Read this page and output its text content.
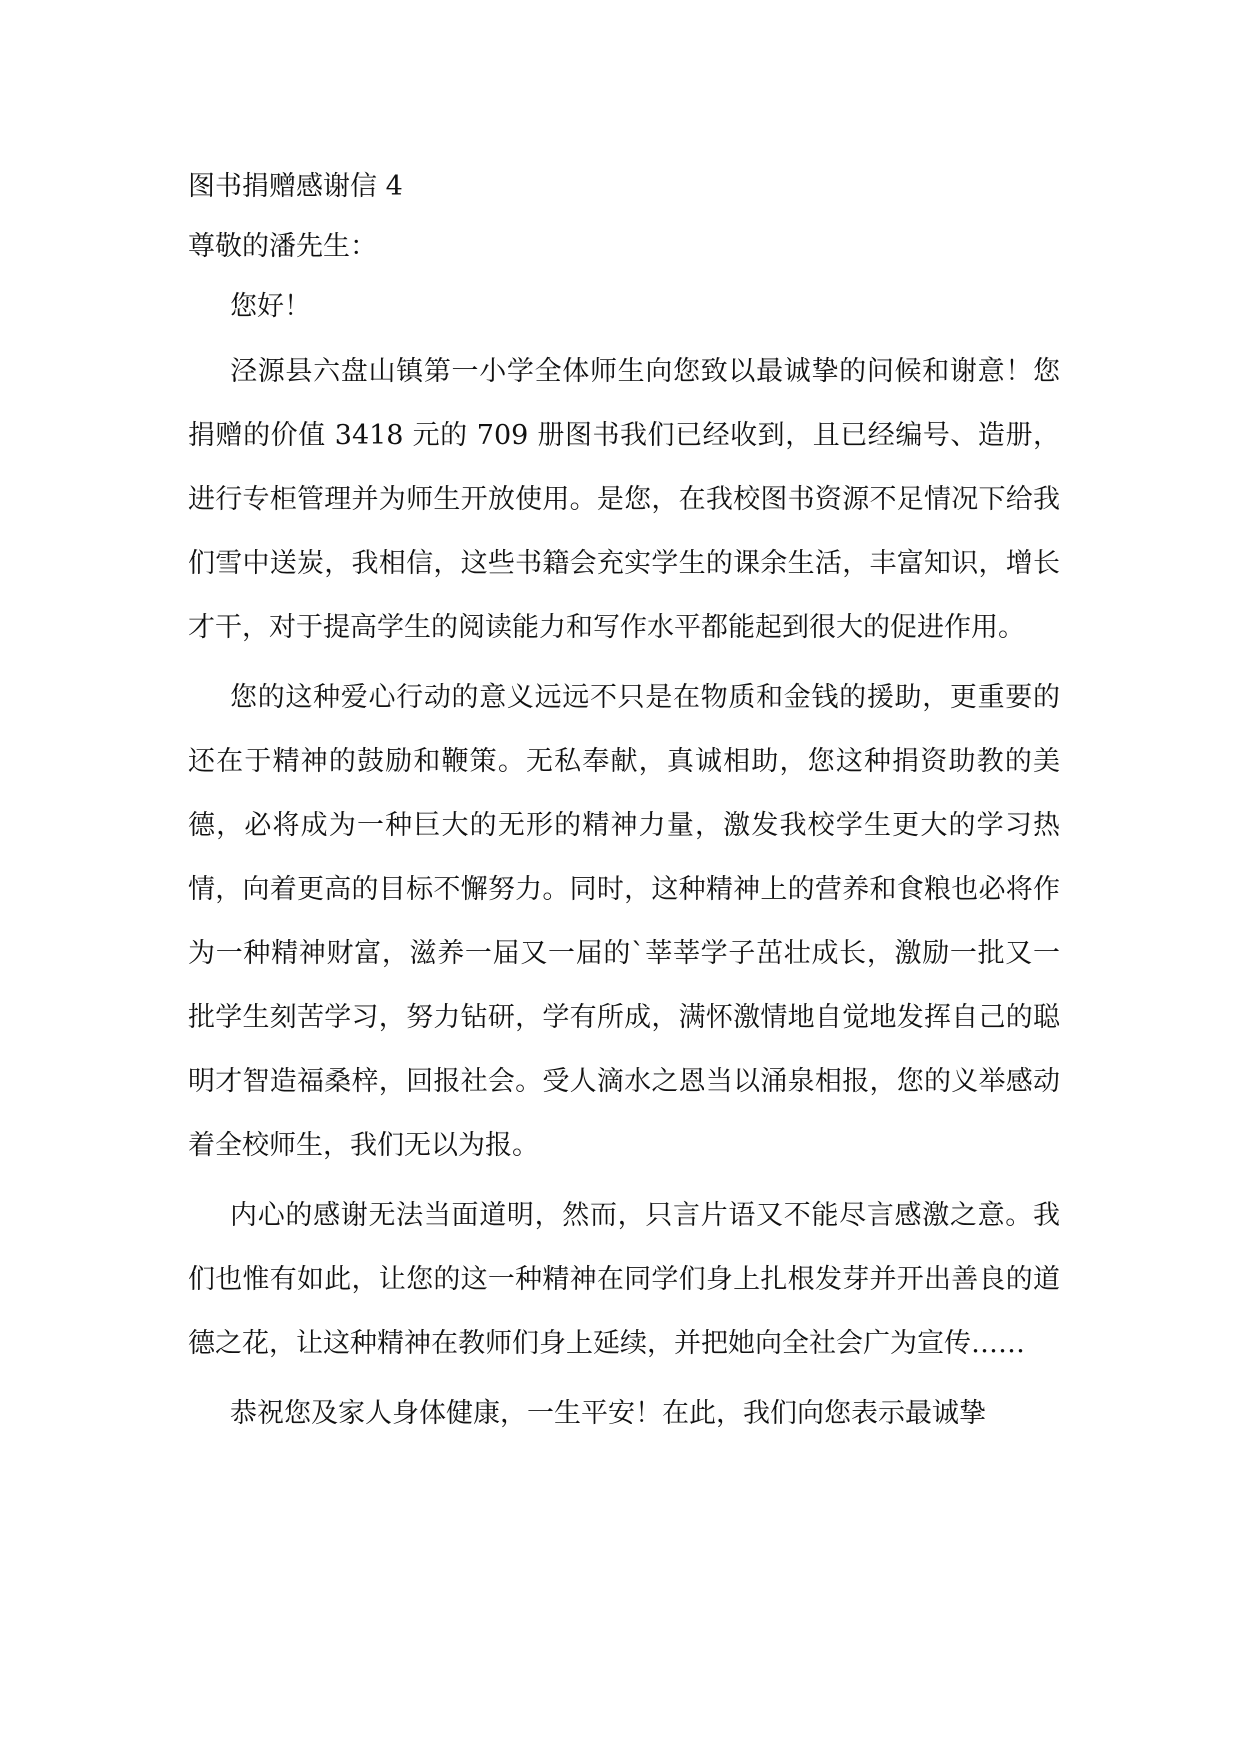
图书捐赠感谢信 4

尊敬的潘先生：

您好！

泾源县六盘山镇第一小学全体师生向您致以最诚挚的问候和谢意！您捐赠的价值 3418 元的 709 册图书我们已经收到，且已经编号、造册，进行专柜管理并为师生开放使用。是您，在我校图书资源不足情况下给我们雪中送炭，我相信，这些书籍会充实学生的课余生活，丰富知识，增长才干，对于提高学生的阅读能力和写作水平都能起到很大的促进作用。

您的这种爱心行动的意义远远不只是在物质和金钱的援助，更重要的还在于精神的鼓励和鞭策。无私奉献，真诚相助，您这种捐资助教的美德，必将成为一种巨大的无形的精神力量，激发我校学生更大的学习热情，向着更高的目标不懈努力。同时，这种精神上的营养和食粮也必将作为一种精神财富，滋养一届又一届的`莘莘学子茁壮成长，激励一批又一批学生刻苦学习，努力钻研，学有所成，满怀激情地自觉地发挥自己的聪明才智造福桑梓，回报社会。受人滴水之恩当以涌泉相报，您的义举感动着全校师生，我们无以为报。

内心的感谢无法当面道明，然而，只言片语又不能尽言感激之意。我们也惟有如此，让您的这一种精神在同学们身上扎根发芽并开出善良的道德之花，让这种精神在教师们身上延续，并把她向全社会广为宣传……

恭祝您及家人身体健康，一生平安！在此，我们向您表示最诚挚
